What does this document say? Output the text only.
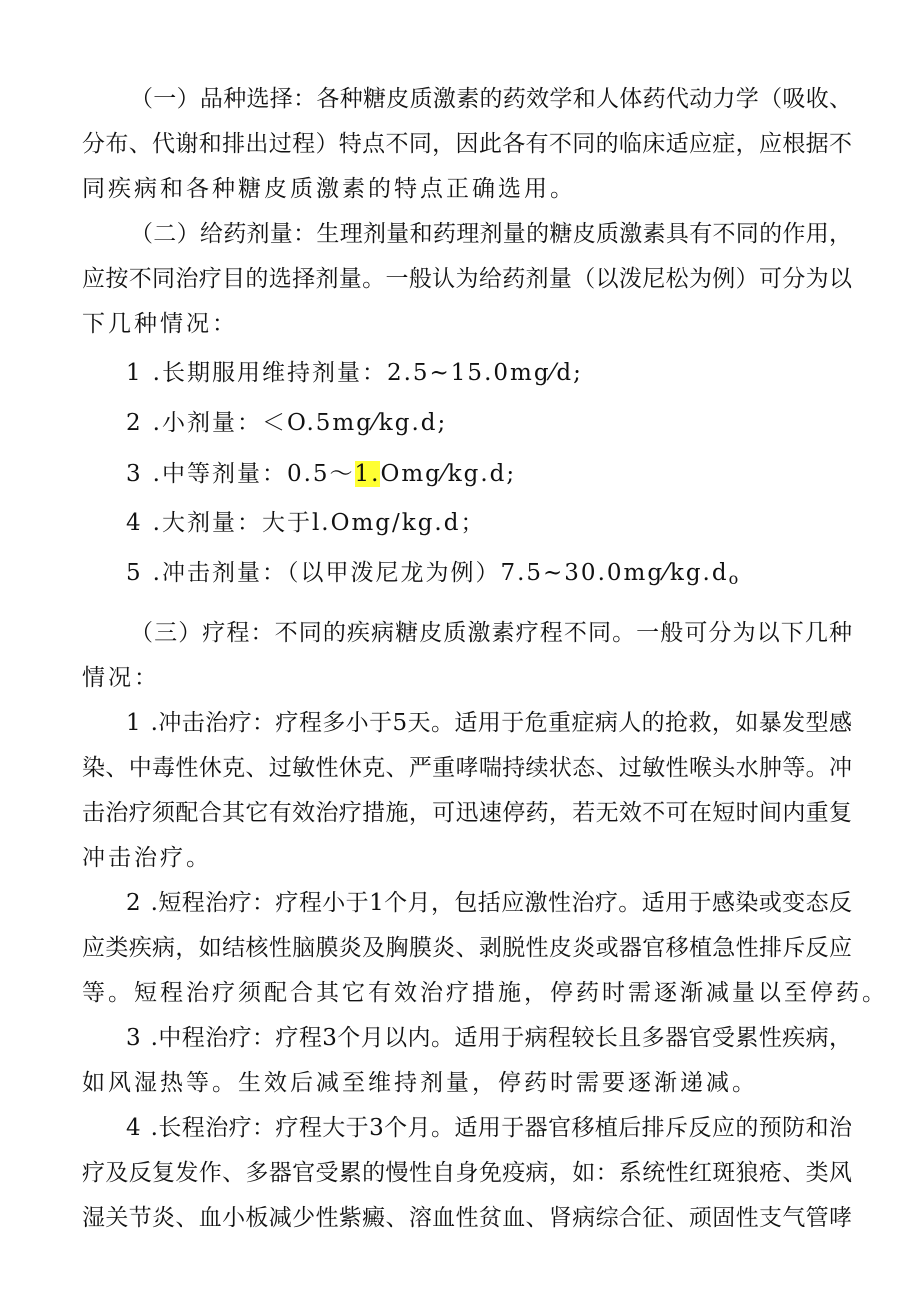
（一）品种选择：各种糖皮质激素的药效学和人体药代动力学（吸收、
分布、代谢和排出过程）特点不同，因此各有不同的临床适应症，应根据不
同疾病和各种糖皮质激素的特点正确选用。
（二）给药剂量：生理剂量和药理剂量的糖皮质激素具有不同的作用，
应按不同治疗目的选择剂量。一般认为给药剂量（以泼尼松为例）可分为以
下几种情况：
1 .长期服用维持剂量：2.5~15.0mg⁄d;
2 .小剂量：＜O.5mg⁄kg.d;
3 .中等剂量：0.5～1.Omg⁄kg.d;
4 .大剂量：大于l.Omg/kg.d；
5 .冲击剂量：（以甲泼尼龙为例）$7.5\sim 30.0mg⁄kg.d_o$
（三）疗程：不同的疾病糖皮质激素疗程不同。一般可分为以下几种
情况：
1 .冲击治疗：疗程多小于5天。适用于危重症病人的抢救，如暴发型感
染、中毒性休克、过敏性休克、严重哮喘持续状态、过敏性喉头水肿等。冲
击治疗须配合其它有效治疗措施，可迅速停药，若无效不可在短时间内重复
冲击治疗。
2 .短程治疗：疗程小于1个月，包括应激性治疗。适用于感染或变态反
应类疾病，如结核性脑膜炎及胸膜炎、剥脱性皮炎或器官移植急性排斥反应
等。短程治疗须配合其它有效治疗措施，停药时需逐渐减量以至停药。
3 .中程治疗：疗程3个月以内。适用于病程较长且多器官受累性疾病，
如风湿热等。生效后减至维持剂量，停药时需要逐渐递减。
4 .长程治疗：疗程大于3个月。适用于器官移植后排斥反应的预防和治
疗及反复发作、多器官受累的慢性自身免疫病，如：系统性红斑狼疮、类风
湿关节炎、血小板减少性紫癜、溶血性贫血、肾病综合征、顽固性支气管哮
